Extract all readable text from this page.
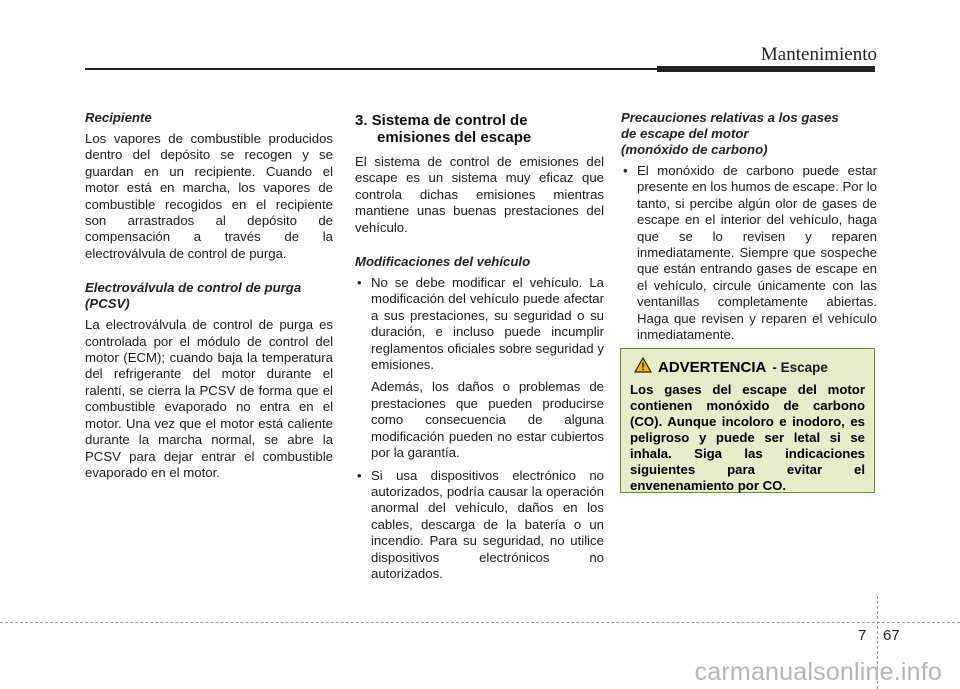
Mantenimiento
Recipiente
Los vapores de combustible producidos dentro del depósito se recogen y se guardan en un recipiente. Cuando el motor está en marcha, los vapores de combustible recogidos en el recipiente son arrastrados al depósito de compensación a través de la electroválvula de control de purga.
Electroválvula de control de purga (PCSV)
La electroválvula de control de purga es controlada por el módulo de control del motor (ECM); cuando baja la temperatura del refrigerante del motor durante el ralentí, se cierra la PCSV de forma que el combustible evaporado no entra en el motor. Una vez que el motor está caliente durante la marcha normal, se abre la PCSV para dejar entrar el combustible evaporado en el motor.
3. Sistema de control de emisiones del escape
El sistema de control de emisiones del escape es un sistema muy eficaz que controla dichas emisiones mientras mantiene unas buenas prestaciones del vehículo.
Modificaciones del vehículo
• No se debe modificar el vehículo. La modificación del vehículo puede afectar a sus prestaciones, su seguridad o su duración, e incluso puede incumplir reglamentos oficiales sobre seguridad y emisiones.
Además, los daños o problemas de prestaciones que pueden producirse como consecuencia de alguna modificación pueden no estar cubiertos por la garantía.
• Si usa dispositivos electrónico no autorizados, podría causar la operación anormal del vehículo, daños en los cables, descarga de la batería o un incendio. Para su seguridad, no utilice dispositivos electrónicos no autorizados.
Precauciones relativas a los gases
de escape del motor
(monóxido de carbono)
• El monóxido de carbono puede estar presente en los humos de escape. Por lo tanto, si percibe algún olor de gases de escape en el interior del vehículo, haga que se lo revisen y reparen inmediatamente. Siempre que sospeche que están entrando gases de escape en el vehículo, circule únicamente con las ventanillas completamente abiertas. Haga que revisen y reparen el vehículo inmediatamente.
ADVERTENCIA - Escape
Los gases del escape del motor contienen monóxido de carbono (CO). Aunque incoloro e inodoro, es peligroso y puede ser letal si se inhala. Siga las indicaciones siguientes para evitar el envenenamiento por CO.
7 67
carmanualsonline.info
